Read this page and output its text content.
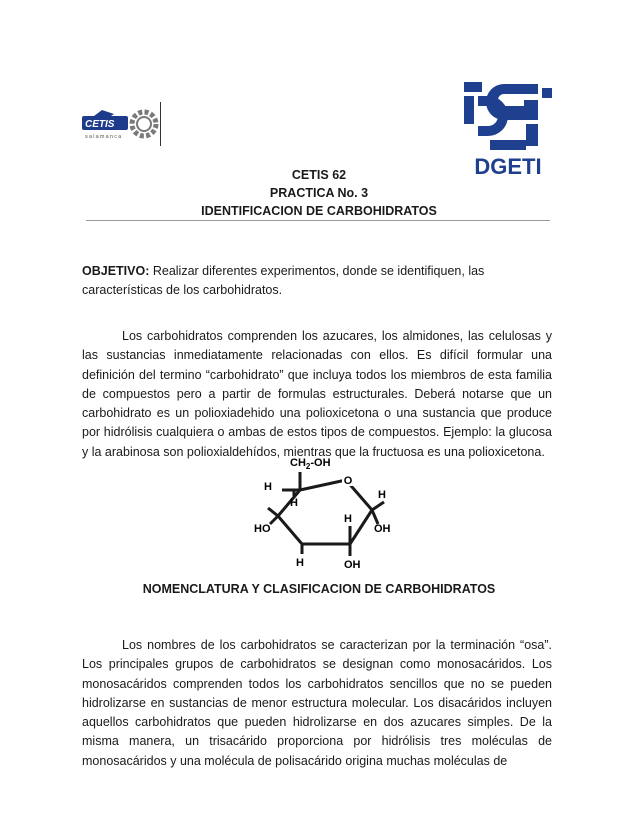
CETIS
salamanca
DGETI
CETIS 62
PRACTICA No. 3
IDENTIFICACION DE CARBOHIDRATOS
OBJETIVO: Realizar diferentes experimentos, donde se identifiquen, las características de los carbohidratos.

Los carbohidratos comprenden los azucares, los almidones, las celulosas y las sustancias inmediatamente relacionadas con ellos. Es difícil formular una definición del termino “carbohidrato” que incluya todos los miembros de esta familia de compuestos pero a partir de formulas estructurales. Deberá notarse que un carbohidrato es un polioxiadehido una polioxicetona o una sustancia que produce por hidrólisis cualquiera o ambas de estos tipos de compuestos. Ejemplo: la glucosa y la arabinosa son polioxialdehídos, mientras que la fructuosa es una polioxicetona.

O
$CH_2-OH$
H
H
H
H
HO	OH
H	OH
NOMENCLATURA Y CLASIFICACION DE CARBOHIDRATOS

Los nombres de los carbohidratos se caracterizan por la terminación “osa”. Los principales grupos de carbohidratos se designan como monosacáridos. Los monosacáridos comprenden todos los carbohidratos sencillos que no se pueden hidrolizarse en sustancias de menor estructura molecular. Los disacáridos incluyen aquellos carbohidratos que pueden hidrolizarse en dos azucares simples. De la misma manera, un trisacárido proporciona por hidrólisis tres moléculas de monosacáridos y una molécula de polisacárido origina muchas moléculas de
